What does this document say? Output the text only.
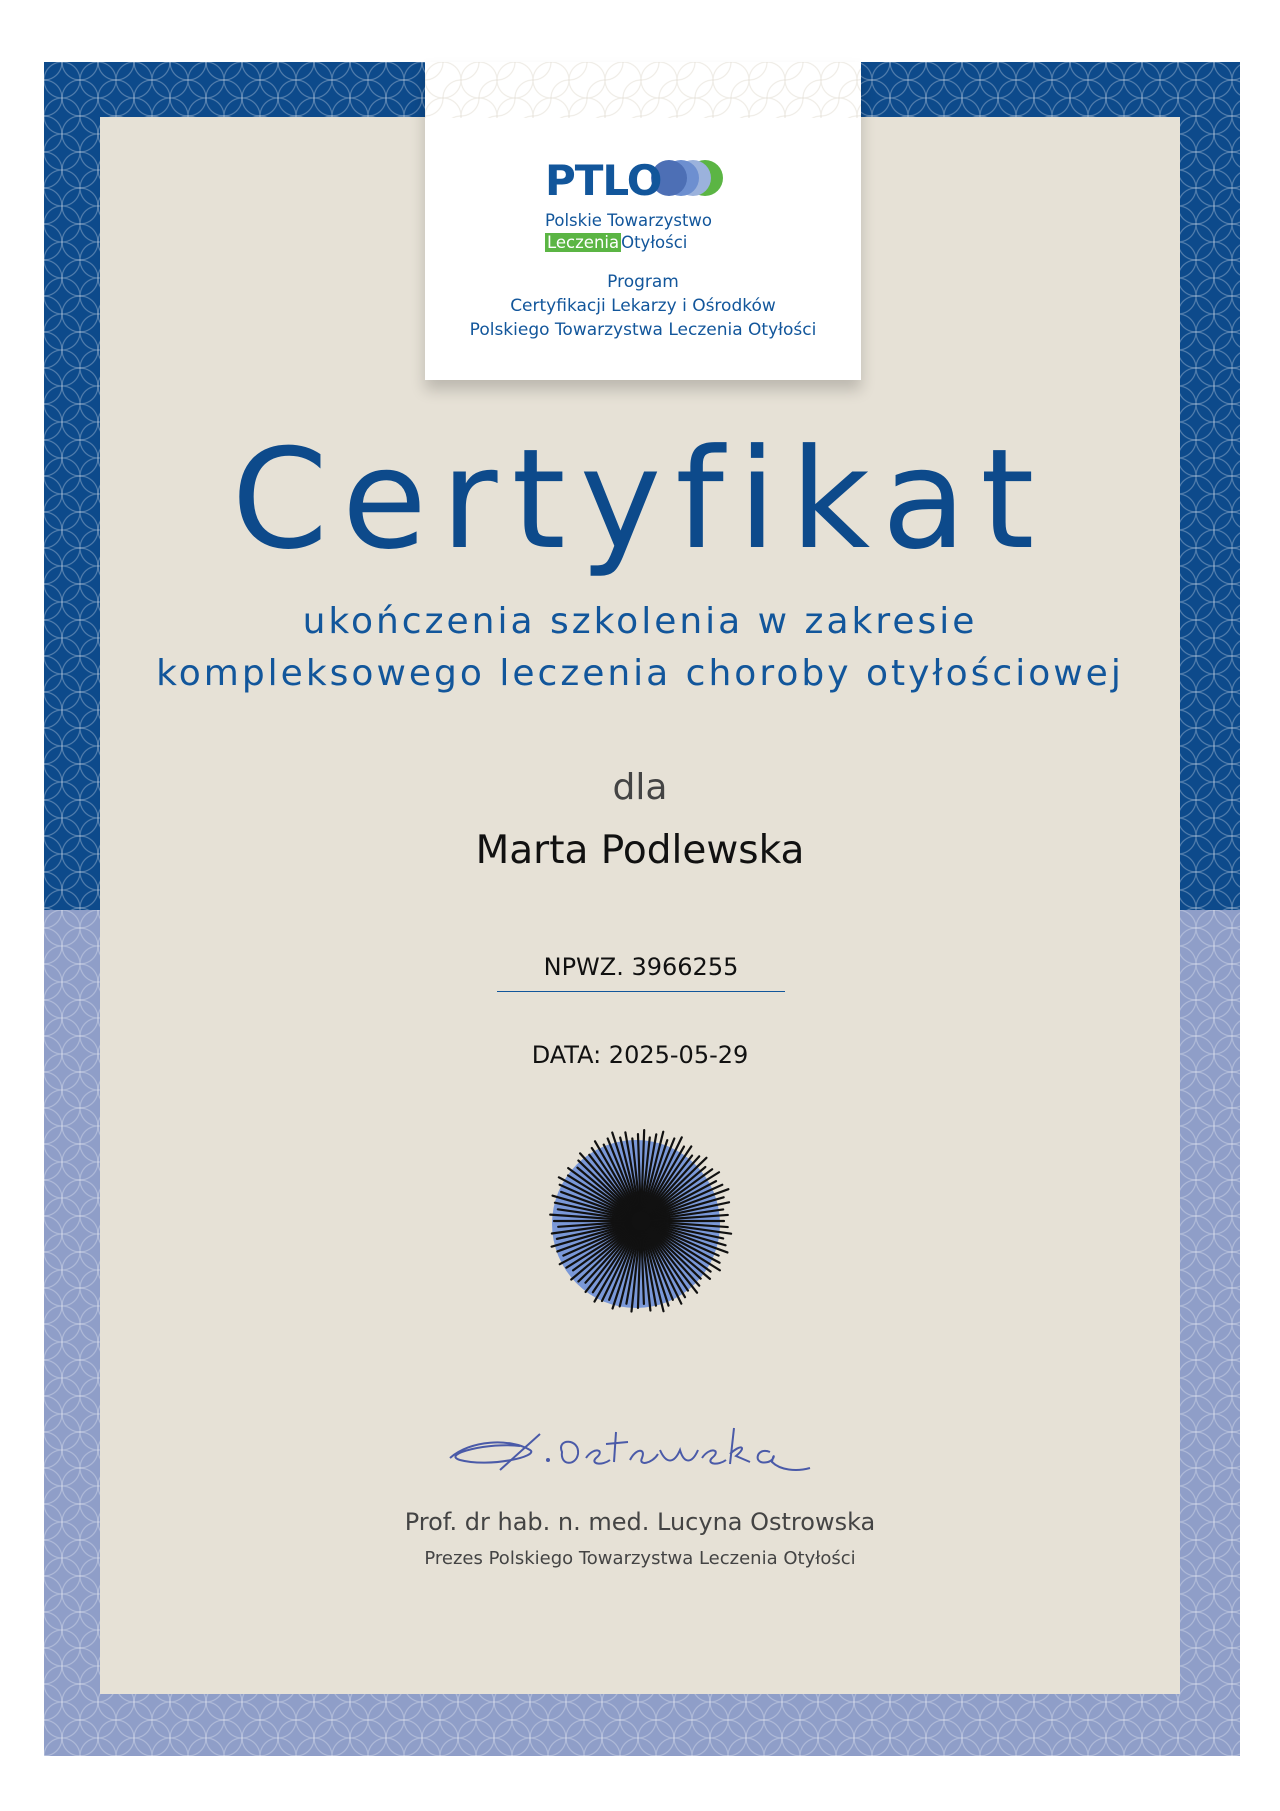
PTLO
Polskie Towarzystwo
Leczenia Otyłości
Program
Certyfikacji Lekarzy i Ośrodków
Polskiego Towarzystwa Leczenia Otyłości
Certyfikat
ukończenia szkolenia w zakresie
kompleksowego leczenia choroby otyłościowej
dla
Marta Podlewska
NPWZ. 3966255
DATA: 2025-05-29
Prof. dr hab. n. med. Lucyna Ostrowska
Prezes Polskiego Towarzystwa Leczenia Otyłości
